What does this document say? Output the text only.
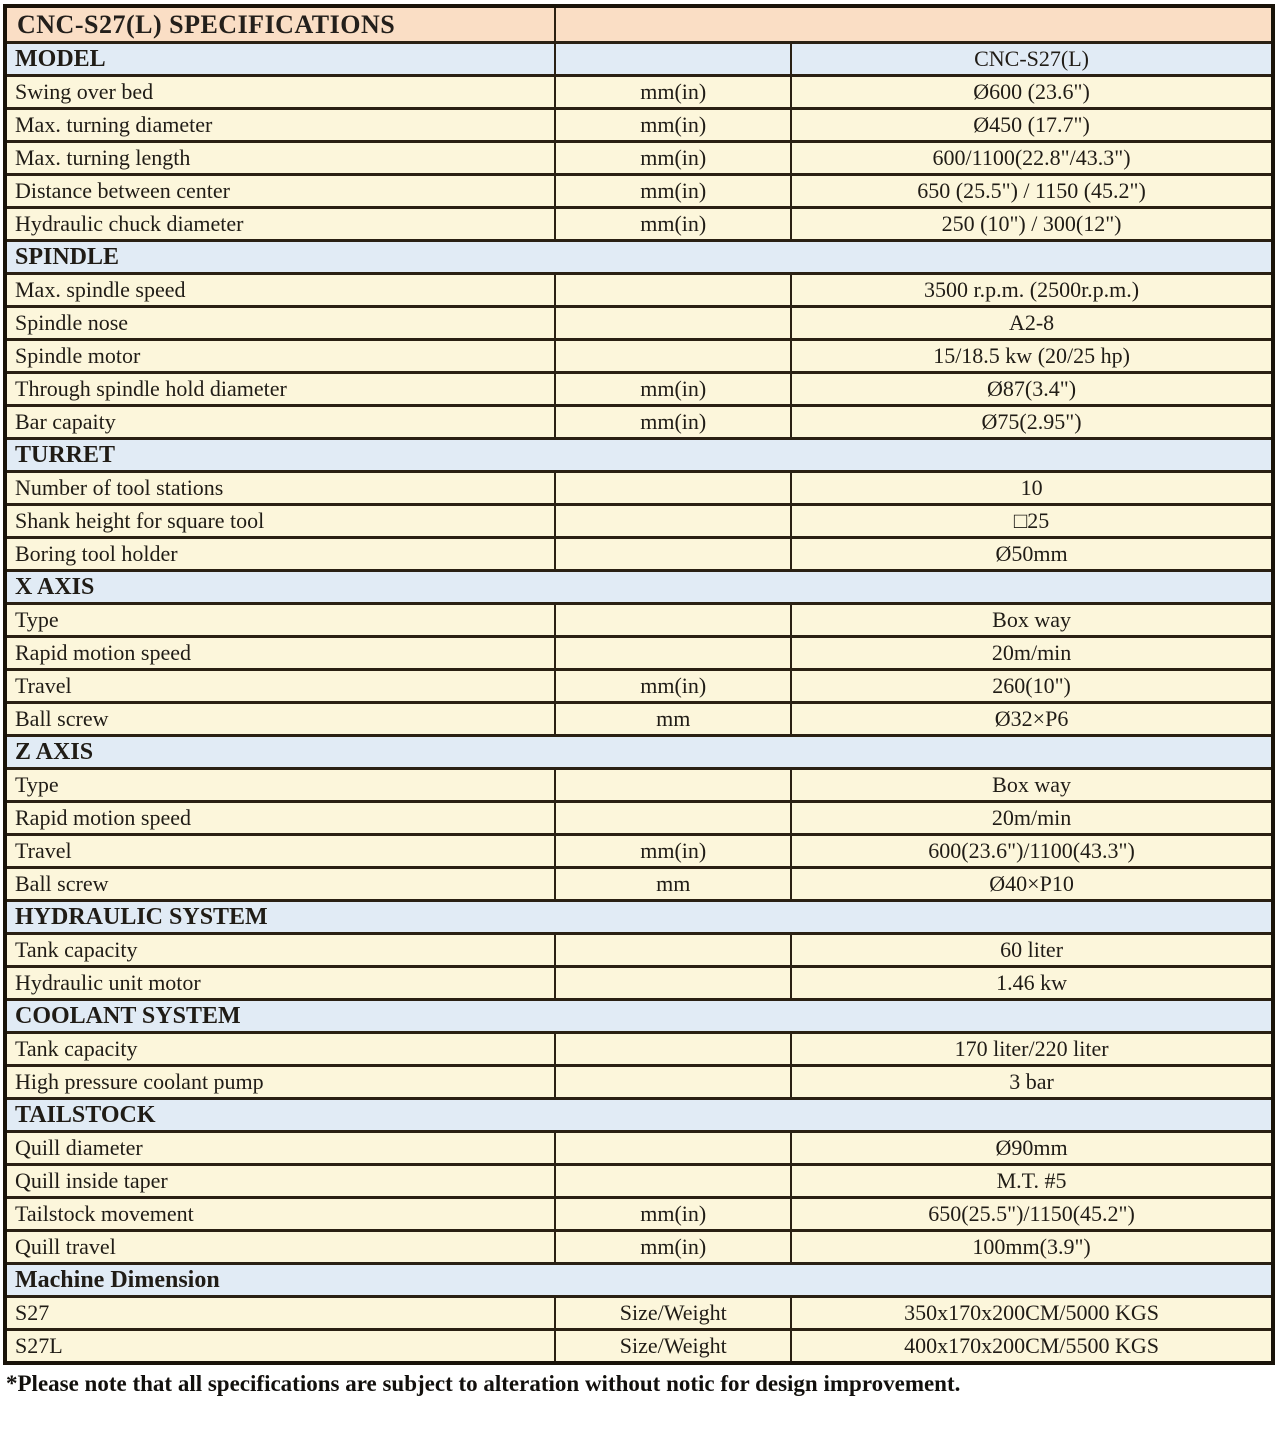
CNC-S27(L) SPECIFICATIONS		
MODEL		CNC-S27(L)
Swing over bed	mm(in)	Ø600 (23.6")
Max. turning diameter	mm(in)	Ø450 (17.7")
Max. turning length	mm(in)	600/1100(22.8"/43.3")
Distance between center	mm(in)	650 (25.5") / 1150 (45.2")
Hydraulic chuck diameter	mm(in)	250 (10") / 300(12")
SPINDLE		
Max. spindle speed		3500 r.p.m. (2500r.p.m.)
Spindle nose		A2-8
Spindle motor		15/18.5 kw (20/25 hp)
Through spindle hold diameter	mm(in)	Ø87(3.4")
Bar capaity	mm(in)	Ø75(2.95")
TURRET		
Number of tool stations		10
Shank height for square tool		□25
Boring tool holder		Ø50mm
X AXIS		
Type		Box way
Rapid motion speed		20m/min
Travel	mm(in)	260(10")
Ball screw	mm	Ø32×P6
Z AXIS		
Type		Box way
Rapid motion speed		20m/min
Travel	mm(in)	600(23.6")/1100(43.3")
Ball screw	mm	Ø40×P10
HYDRAULIC SYSTEM		
Tank capacity		60 liter
Hydraulic unit motor		1.46 kw
COOLANT SYSTEM		
Tank capacity		170 liter/220 liter
High pressure coolant pump		3 bar
TAILSTOCK		
Quill diameter		Ø90mm
Quill inside taper		M.T. #5
Tailstock movement	mm(in)	650(25.5")/1150(45.2")
Quill travel	mm(in)	100mm(3.9")
Machine Dimension		
S27	Size/Weight	350x170x200CM/5000 KGS
S27L	Size/Weight	400x170x200CM/5500 KGS
*Please note that all specifications are subject to alteration without notic for design improvement.
